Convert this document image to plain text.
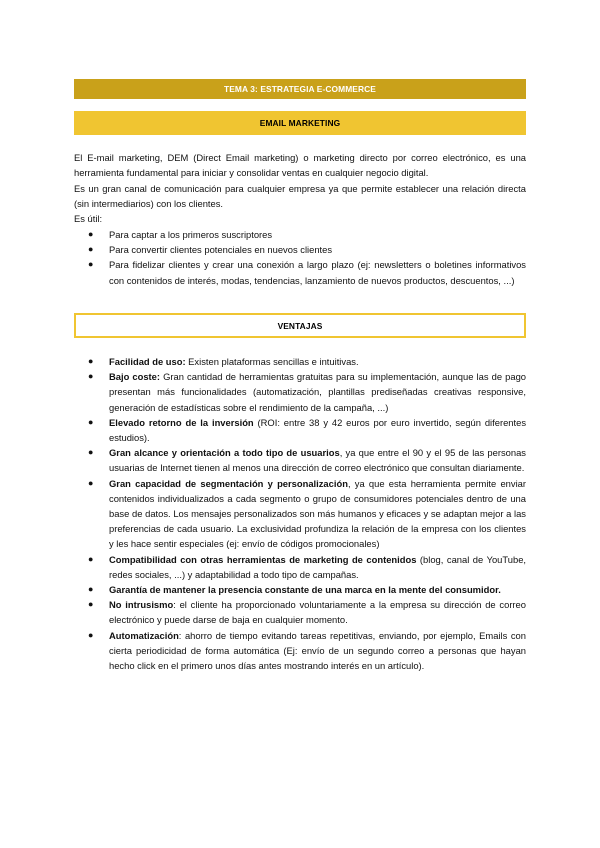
TEMA 3: ESTRATEGIA E-COMMERCE
EMAIL MARKETING

El E-mail marketing, DEM (Direct Email marketing) o marketing directo por correo electrónico, es una herramienta fundamental para iniciar y consolidar ventas en cualquier negocio digital.

Es un gran canal de comunicación para cualquier empresa ya que permite establecer una relación directa (sin intermediarios) con los clientes.

Es útil:

● Para captar a los primeros suscriptores
● Para convertir clientes potenciales en nuevos clientes
● Para fidelizar clientes y crear una conexión a largo plazo (ej: newsletters o boletines informativos con contenidos de interés, modas, tendencias, lanzamiento de nuevos productos, descuentos, ...)
VENTAJAS
● Facilidad de uso: Existen plataformas sencillas e intuitivas.
● Bajo coste: Gran cantidad de herramientas gratuitas para su implementación, aunque las de pago presentan más funcionalidades (automatización, plantillas prediseñadas creativas responsive, generación de estadísticas sobre el rendimiento de la campaña, ...)
● Elevado retorno de la inversión (ROI: entre 38 y 42 euros por euro invertido, según diferentes estudios).
● Gran alcance y orientación a todo tipo de usuarios, ya que entre el 90 y el 95 de las personas usuarias de Internet tienen al menos una dirección de correo electrónico que consultan diariamente.
● Gran capacidad de segmentación y personalización, ya que esta herramienta permite enviar contenidos individualizados a cada segmento o grupo de consumidores potenciales dentro de una base de datos. Los mensajes personalizados son más humanos y eficaces y se adaptan mejor a las preferencias de cada usuario. La exclusividad profundiza la relación de la empresa con los clientes y les hace sentir especiales (ej: envío de códigos promocionales)
● Compatibilidad con otras herramientas de marketing de contenidos (blog, canal de YouTube, redes sociales, ...) y adaptabilidad a todo tipo de campañas.
● Garantía de mantener la presencia constante de una marca en la mente del consumidor.
● No intrusismo: el cliente ha proporcionado voluntariamente a la empresa su dirección de correo electrónico y puede darse de baja en cualquier momento.
● Automatización: ahorro de tiempo evitando tareas repetitivas, enviando, por ejemplo, Emails con cierta periodicidad de forma automática (Ej: envío de un segundo correo a personas que hayan hecho click en el primero unos días antes mostrando interés en un artículo).
